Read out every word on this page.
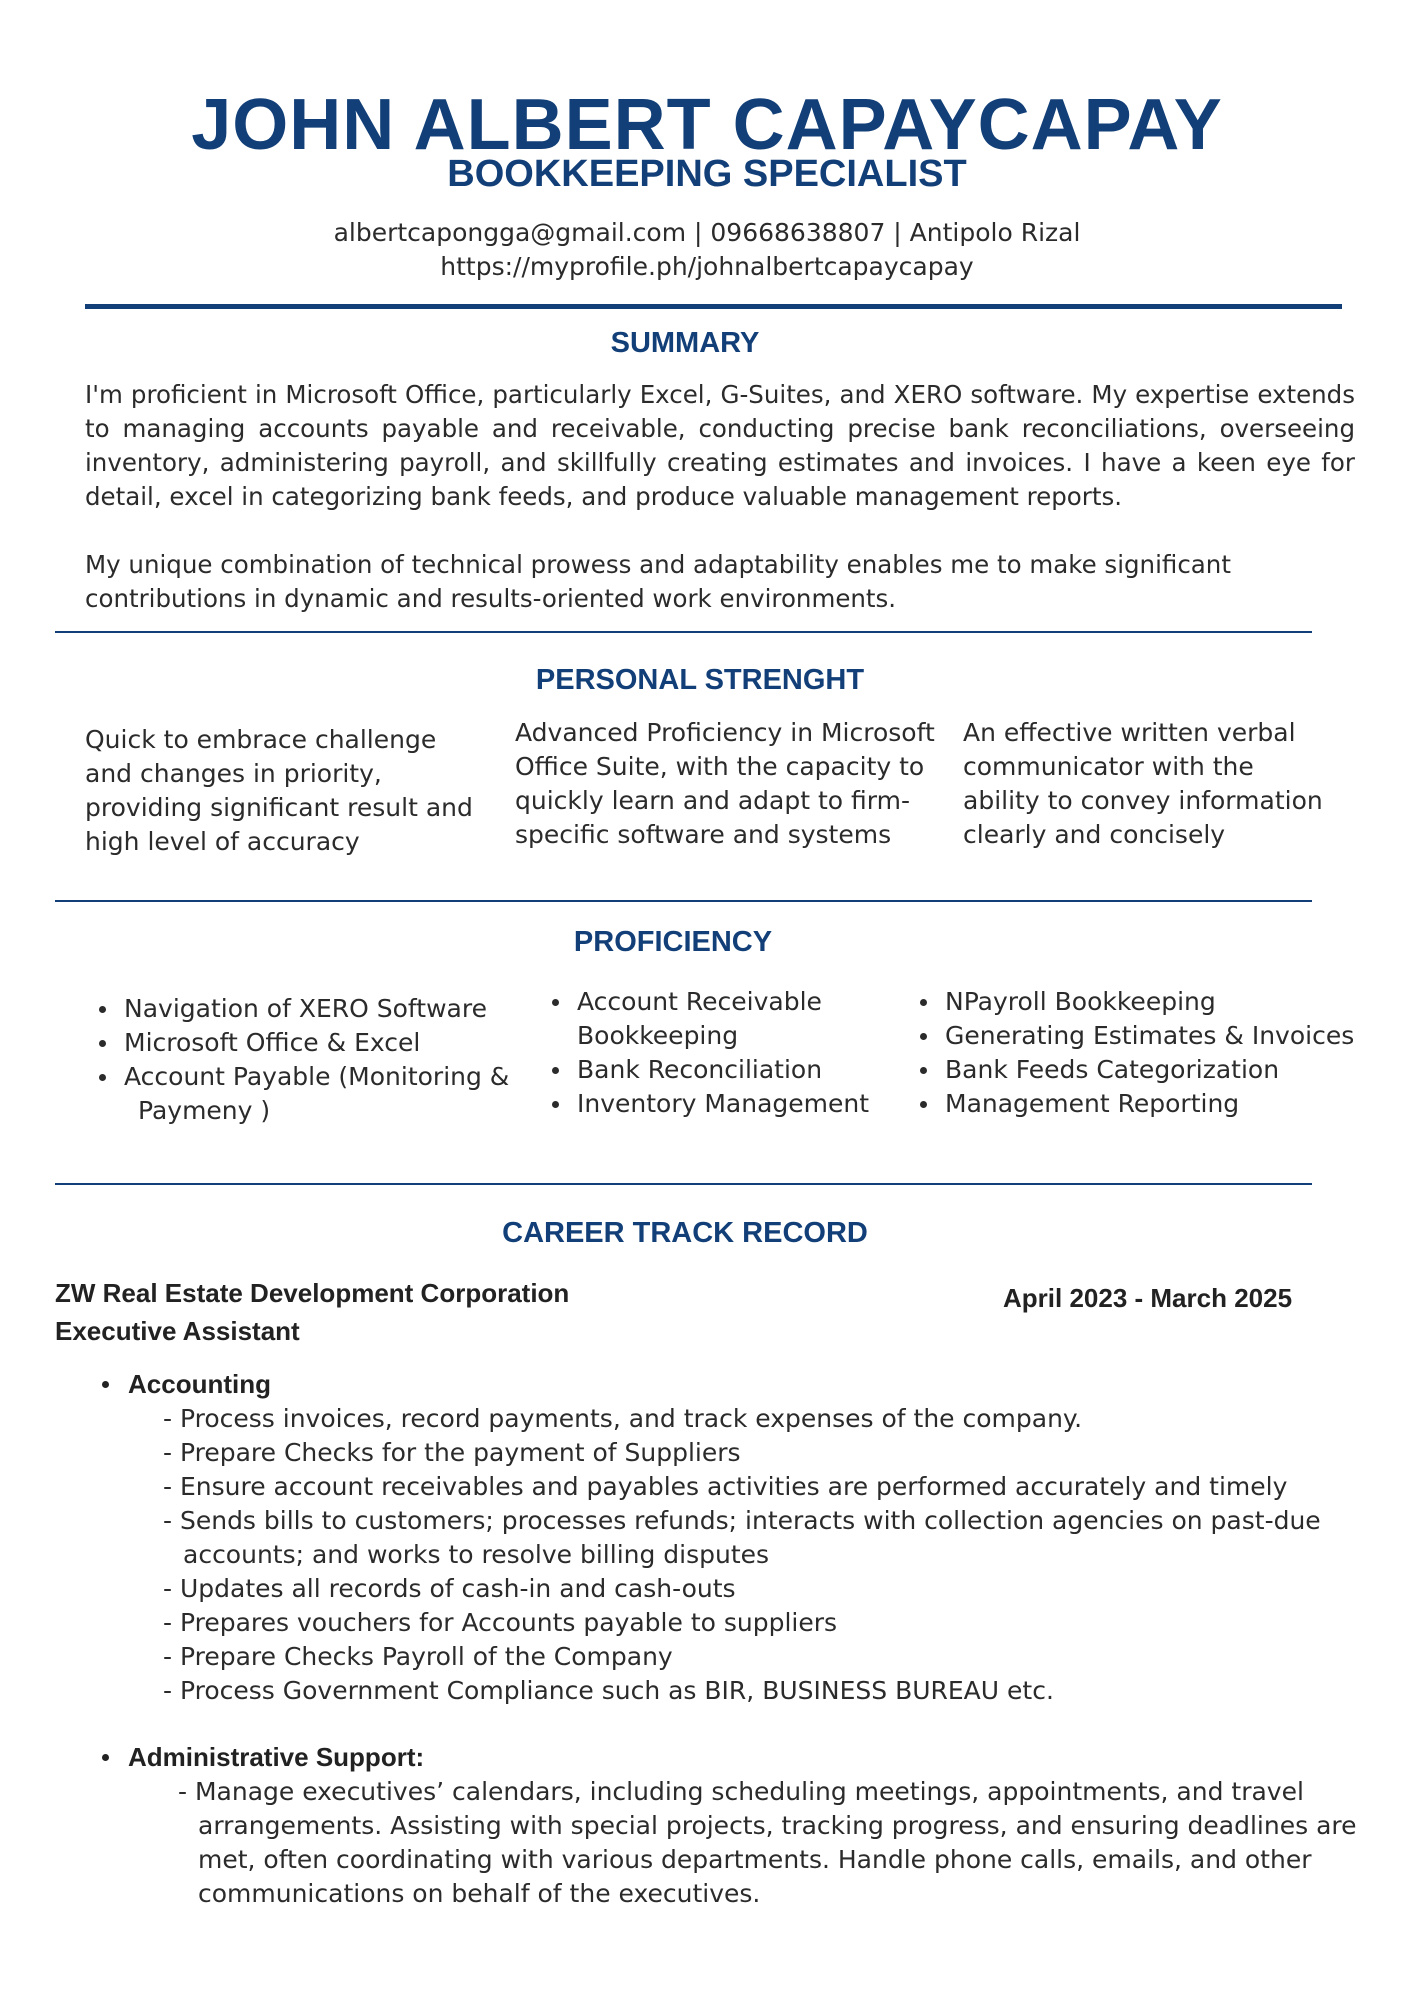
JOHN ALBERT CAPAYCAPAY
BOOKKEEPING SPECIALIST
albertcapongga@gmail.com | 09668638807 | Antipolo Rizal
https://myprofile.ph/johnalbertcapaycapay
SUMMARY

I'm proficient in Microsoft Office, particularly Excel, G-Suites, and XERO software. My expertise extends to managing accounts payable and receivable, conducting precise bank reconciliations, overseeing inventory, administering payroll, and skillfully creating estimates and invoices. I have a keen eye for detail, excel in categorizing bank feeds, and produce valuable management reports.

My unique combination of technical prowess and adaptability enables me to make significant contributions in dynamic and results-oriented work environments.

PERSONAL STRENGHT

Quick to embrace challenge and changes in priority, providing significant result and high level of accuracy

Advanced Proficiency in Microsoft Office Suite, with the capacity to quickly learn and adapt to firm-specific software and systems

An effective written verbal communicator with the ability to convey information clearly and concisely

PROFICIENCY
Navigation of XERO Software
Microsoft Office & Excel
Account Payable (Monitoring &
Paymeny )
Account Receivable
Bookkeeping
Bank Reconciliation
Inventory Management
NPayroll Bookkeeping
Generating Estimates & Invoices
Bank Feeds Categorization
Management Reporting
CAREER TRACK RECORD
ZW Real Estate Development Corporation
Executive Assistant
April 2023 - March 2025
Accounting
- Process invoices, record payments, and track expenses of the company.
- Prepare Checks for the payment of Suppliers
- Ensure account receivables and payables activities are performed accurately and timely
- Sends bills to customers; processes refunds; interacts with collection agencies on past-due
accounts; and works to resolve billing disputes
- Updates all records of cash-in and cash-outs
- Prepares vouchers for Accounts payable to suppliers
- Prepare Checks Payroll of the Company
- Process Government Compliance such as BIR, BUSINESS BUREAU etc.
Administrative Support:
- Manage executives’ calendars, including scheduling meetings, appointments, and travel
arrangements. Assisting with special projects, tracking progress, and ensuring deadlines are
met, often coordinating with various departments. Handle phone calls, emails, and other
communications on behalf of the executives.
